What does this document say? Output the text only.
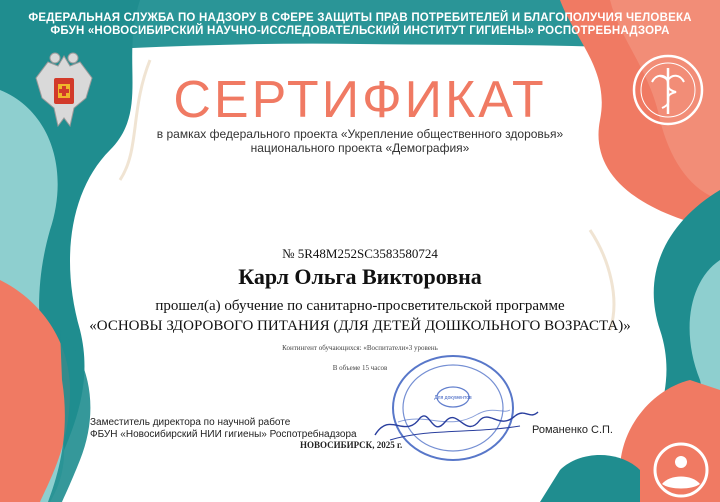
ФЕДЕРАЛЬНАЯ СЛУЖБА ПО НАДЗОРУ В СФЕРЕ ЗАЩИТЫ ПРАВ ПОТРЕБИТЕЛЕЙ И БЛАГОПОЛУЧИЯ ЧЕЛОВЕКА
ФБУН «НОВОСИБИРСКИЙ НАУЧНО-ИССЛЕДОВАТЕЛЬСКИЙ ИНСТИТУТ ГИГИЕНЫ» РОСПОТРЕБНАДЗОРА
СЕРТИФИКАТ
в рамках федерального проекта «Укрепление общественного здоровья»
национального проекта «Демография»
№ 5R48M252SC3583580724
Карл Ольга Викторовна
прошел(а) обучение по санитарно-просветительской программе
«ОСНОВЫ ЗДОРОВОГО ПИТАНИЯ (ДЛЯ ДЕТЕЙ ДОШКОЛЬНОГО ВОЗРАСТА)»
Контингент обучающихся: «Воспитатели»3 уровень
В объеме 15 часов
Для документов
Заместитель директора по научной работе
ФБУН «Новосибирский НИИ гигиены» Роспотребнадзора	Романенко С.П.
НОВОСИБИРСК, 2025 г.
